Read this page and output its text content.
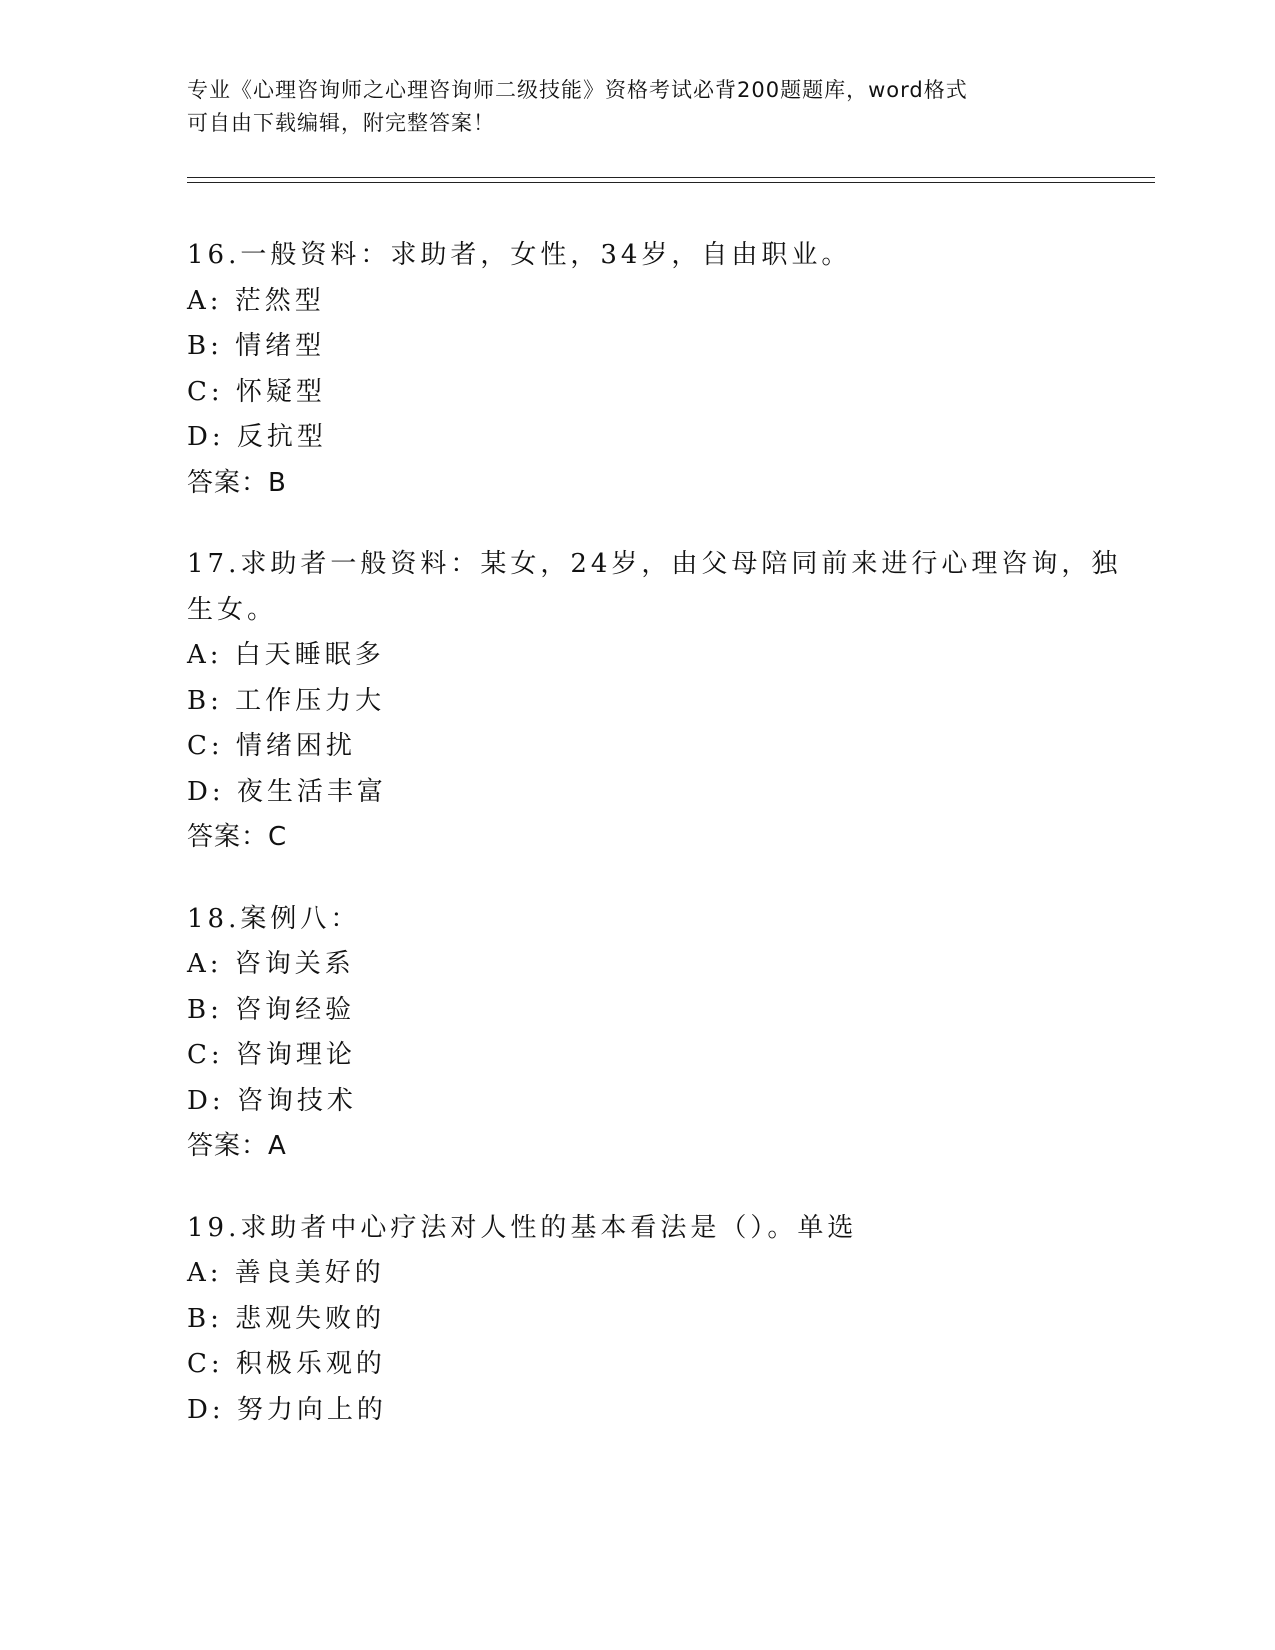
专业《心理咨询师之心理咨询师二级技能》资格考试必背200题题库，word格式
可自由下载编辑，附完整答案！
16.一般资料：求助者，女性，34岁，自由职业。
A: 茫然型
B: 情绪型
C: 怀疑型
D: 反抗型
答案：B
17.求助者一般资料：某女，24岁，由父母陪同前来进行心理咨询，独
生女。
A: 白天睡眠多
B: 工作压力大
C: 情绪困扰
D: 夜生活丰富
答案：C
18.案例八：
A: 咨询关系
B: 咨询经验
C: 咨询理论
D: 咨询技术
答案：A
19.求助者中心疗法对人性的基本看法是（）。单选
A: 善良美好的
B: 悲观失败的
C: 积极乐观的
D: 努力向上的
